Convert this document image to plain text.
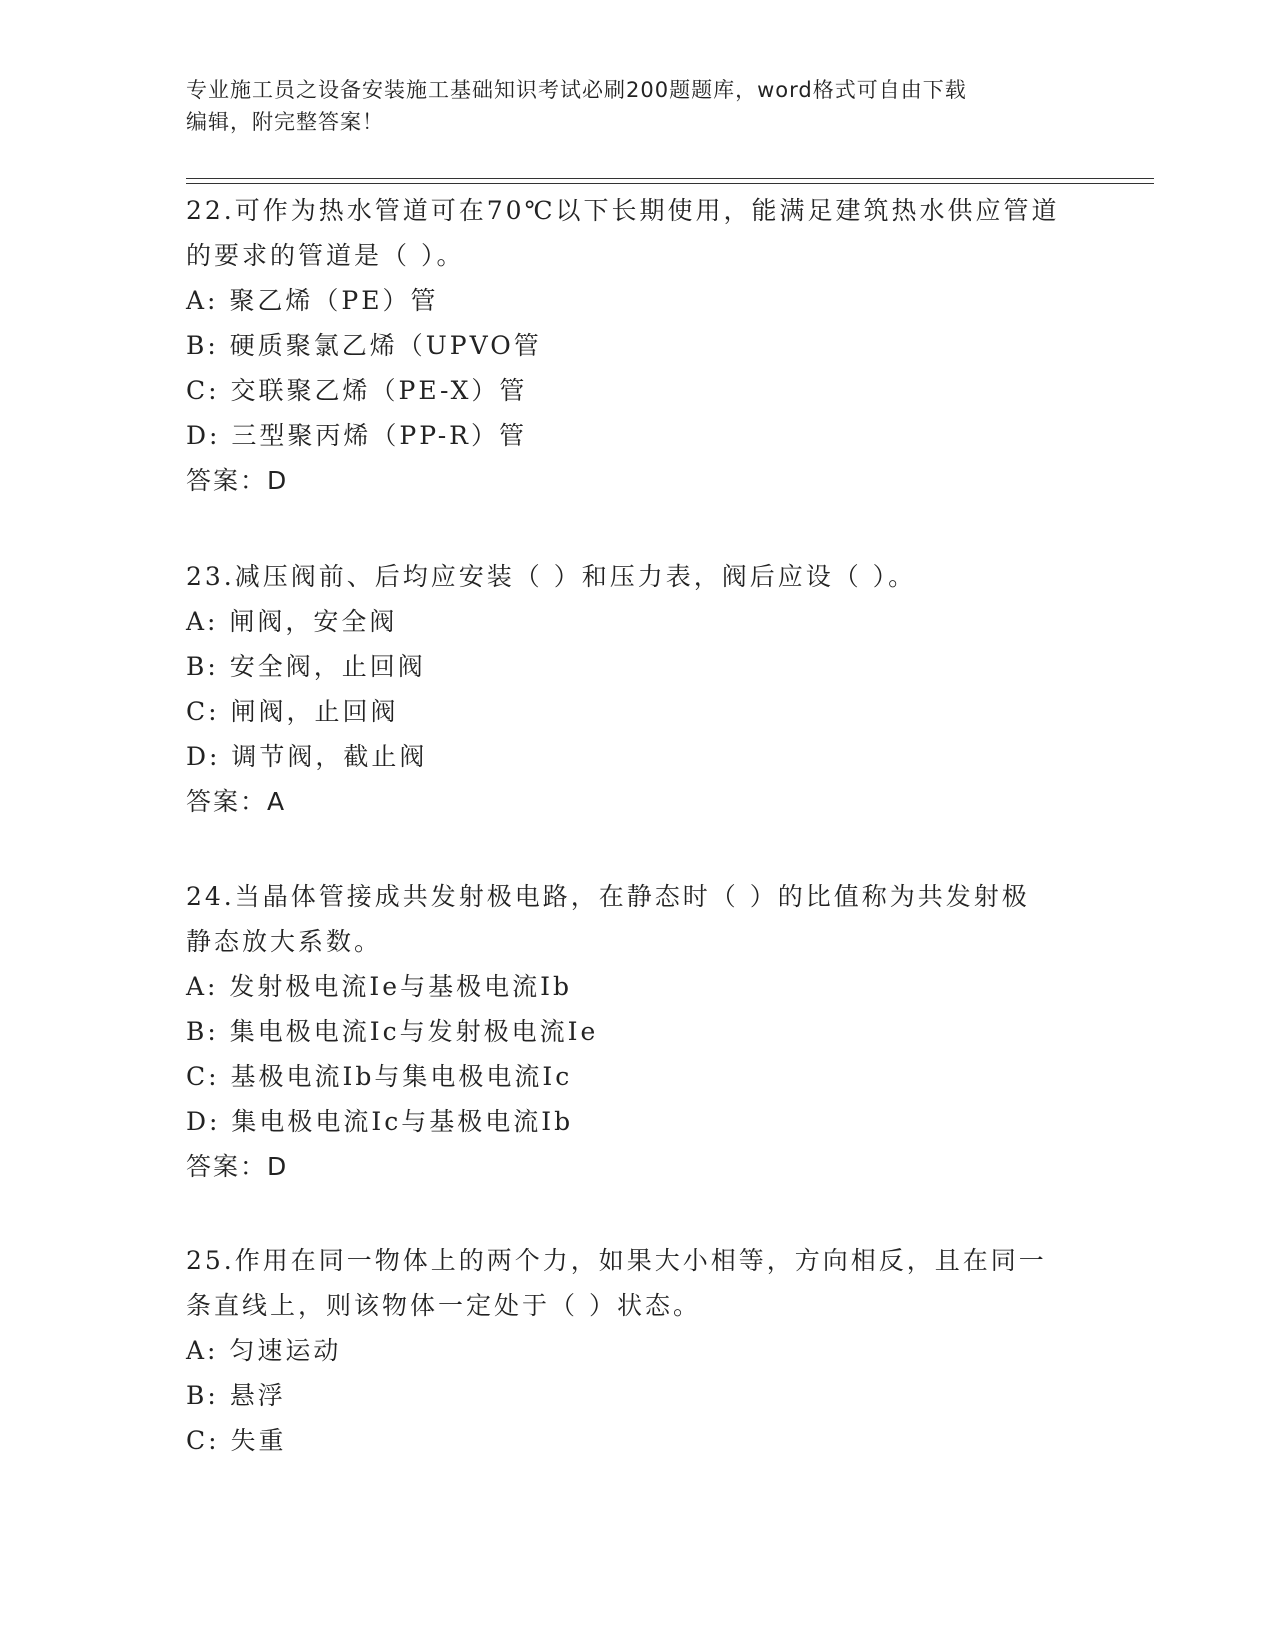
专业施工员之设备安装施工基础知识考试必刷200题题库，word格式可自由下载
编辑，附完整答案！

22.可作为热水管道可在70℃以下长期使用，能满足建筑热水供应管道

的要求的管道是（ ）。

A: 聚乙烯（PE）管

B: 硬质聚氯乙烯（UPVO管

C: 交联聚乙烯（PE-X）管

D: 三型聚丙烯（PP-R）管

答案：D

23.减压阀前、后均应安装（ ）和压力表，阀后应设（ ）。

A: 闸阀，安全阀

B: 安全阀，止回阀

C: 闸阀，止回阀

D: 调节阀，截止阀

答案：A

24.当晶体管接成共发射极电路，在静态时（ ）的比值称为共发射极

静态放大系数。

A: 发射极电流Ie与基极电流Ib

B: 集电极电流Ic与发射极电流Ie

C: 基极电流Ib与集电极电流Ic

D: 集电极电流Ic与基极电流Ib

答案：D

25.作用在同一物体上的两个力，如果大小相等，方向相反，且在同一

条直线上，则该物体一定处于（ ）状态。

A: 匀速运动

B: 悬浮

C: 失重
